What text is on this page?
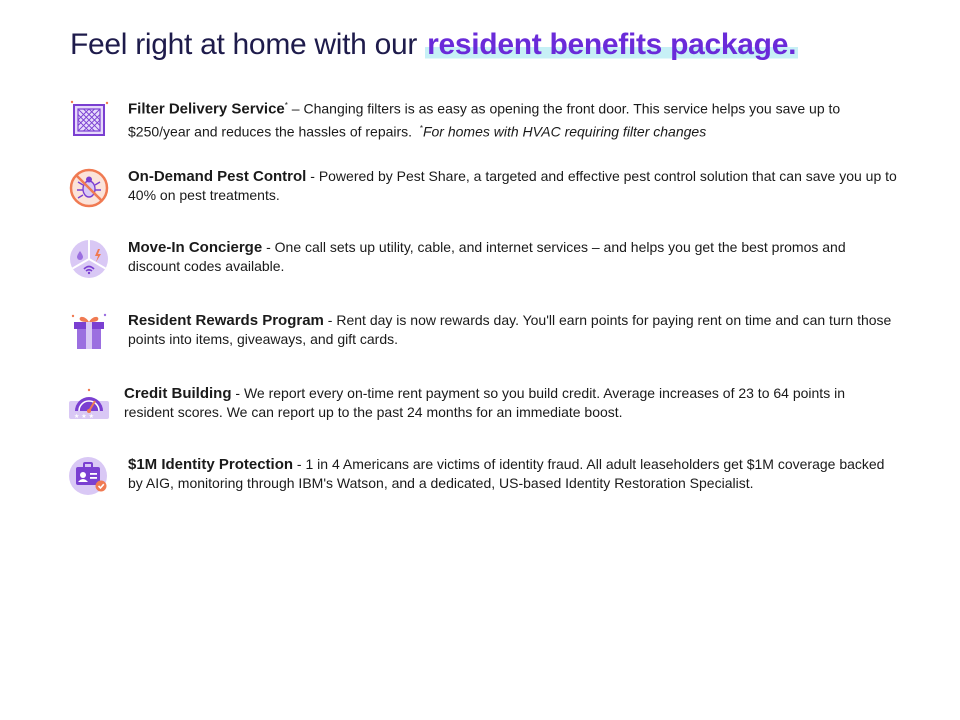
Feel right at home with our resident benefits package.
Filter Delivery Service* – Changing filters is as easy as opening the front door. This service helps you save up to $250/year and reduces the hassles of repairs. *For homes with HVAC requiring filter changes
On-Demand Pest Control - Powered by Pest Share, a targeted and effective pest control solution that can save you up to 40% on pest treatments.
Move-In Concierge - One call sets up utility, cable, and internet services – and helps you get the best promos and discount codes available.
Resident Rewards Program - Rent day is now rewards day. You'll earn points for paying rent on time and can turn those points into items, giveaways, and gift cards.
★ ★ ★
Credit Building - We report every on-time rent payment so you build credit. Average increases of 23 to 64 points in resident scores. We can report up to the past 24 months for an immediate boost.
$1M Identity Protection - 1 in 4 Americans are victims of identity fraud. All adult leaseholders get $1M coverage backed by AIG, monitoring through IBM's Watson, and a dedicated, US-based Identity Restoration Specialist.
